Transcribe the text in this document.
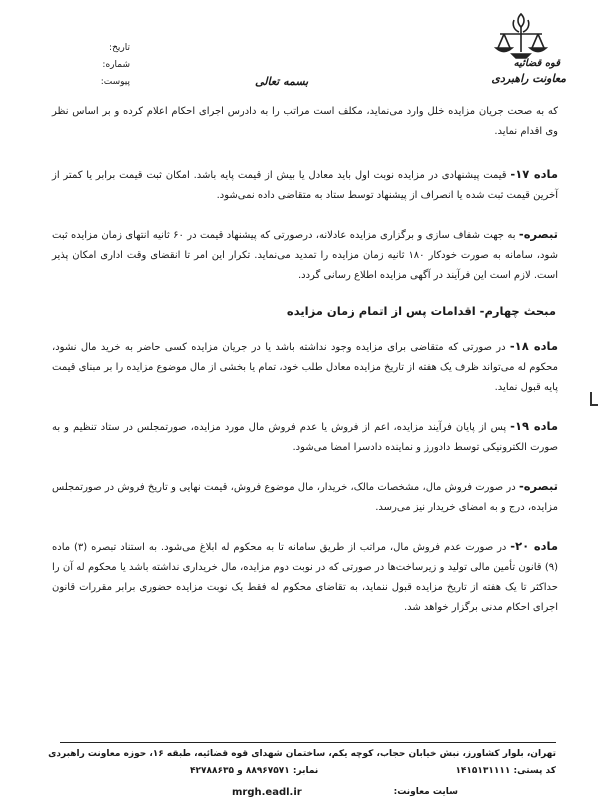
قوه قضائیه
معاونت راهبردی
بسمه تعالی
تاریخ:
شماره:
پیوست:

که به صحت جریان مزایده خلل وارد می‌نماید، مکلف است مراتب را به دادرس اجرای احکام اعلام کرده و بر اساس نظر وی اقدام نماید.

ماده ۱۷- قیمت پیشنهادی در مزایده نوبت اول باید معادل یا بیش از قیمت پایه باشد. امکان ثبت قیمت برابر یا کمتر از آخرین قیمت ثبت شده یا انصراف از پیشنهاد توسط ستاد به متقاضی داده نمی‌شود.

تبصره- به جهت شفاف سازی و برگزاری مزایده عادلانه، درصورتی که پیشنهاد قیمت در ۶۰ ثانیه انتهای زمان مزایده ثبت شود، سامانه به صورت خودکار ۱۸۰ ثانیه زمان مزایده را تمدید می‌نماید. تکرار این امر تا انقضای وقت اداری امکان پذیر است. لازم است این فرآیند در آگهی مزایده اطلاع رسانی گردد.

مبحث چهارم- اقدامات پس از اتمام زمان مزایده

ماده ۱۸- در صورتی که متقاضی برای مزایده وجود نداشته باشد یا در جریان مزایده کسی حاضر به خرید مال نشود، محکوم له می‌تواند ظرف یک هفته از تاریخ مزایده معادل طلب خود، تمام یا بخشی از مال موضوع مزایده را بر مبنای قیمت پایه قبول نماید.

ماده ۱۹- پس از پایان فرآیند مزایده، اعم از فروش یا عدم فروش مال مورد مزایده، صورتمجلس در ستاد تنظیم و به صورت الکترونیکی توسط دادورز و نماینده دادسرا امضا می‌شود.

تبصره- در صورت فروش مال، مشخصات مالک، خریدار، مال موضوع فروش، قیمت نهایی و تاریخ فروش در صورتمجلس مزایده، درج و به امضای خریدار نیز می‌رسد.

ماده ۲۰- در صورت عدم فروش مال، مراتب از طریق سامانه تا به محکوم له ابلاغ می‌شود. به استناد تبصره (۳) ماده (۹) قانون تأمین مالی تولید و زیرساخت‌ها در صورتی که در نوبت دوم مزایده، مال خریداری نداشته باشد یا محکوم له آن را حداکثر تا یک هفته از تاریخ مزایده قبول ننماید، به تقاضای محکوم له فقط یک نوبت مزایده حضوری برابر مقررات قانون اجرای احکام مدنی برگزار خواهد شد.

تهران، بلوار کشاورز، نبش خیابان حجاب، کوچه یکم، ساختمان شهدای قوه قضائیه، طبقه ۱۶، حوزه معاونت راهبردی
کد پستی: ۱۴۱۵۱۳۱۱۱۱
نمابر: ۸۸۹۶۷۵۷۱ و ۴۲۷۸۸۶۳۵
سایت معاونت:
mrgh.eadl.ir
